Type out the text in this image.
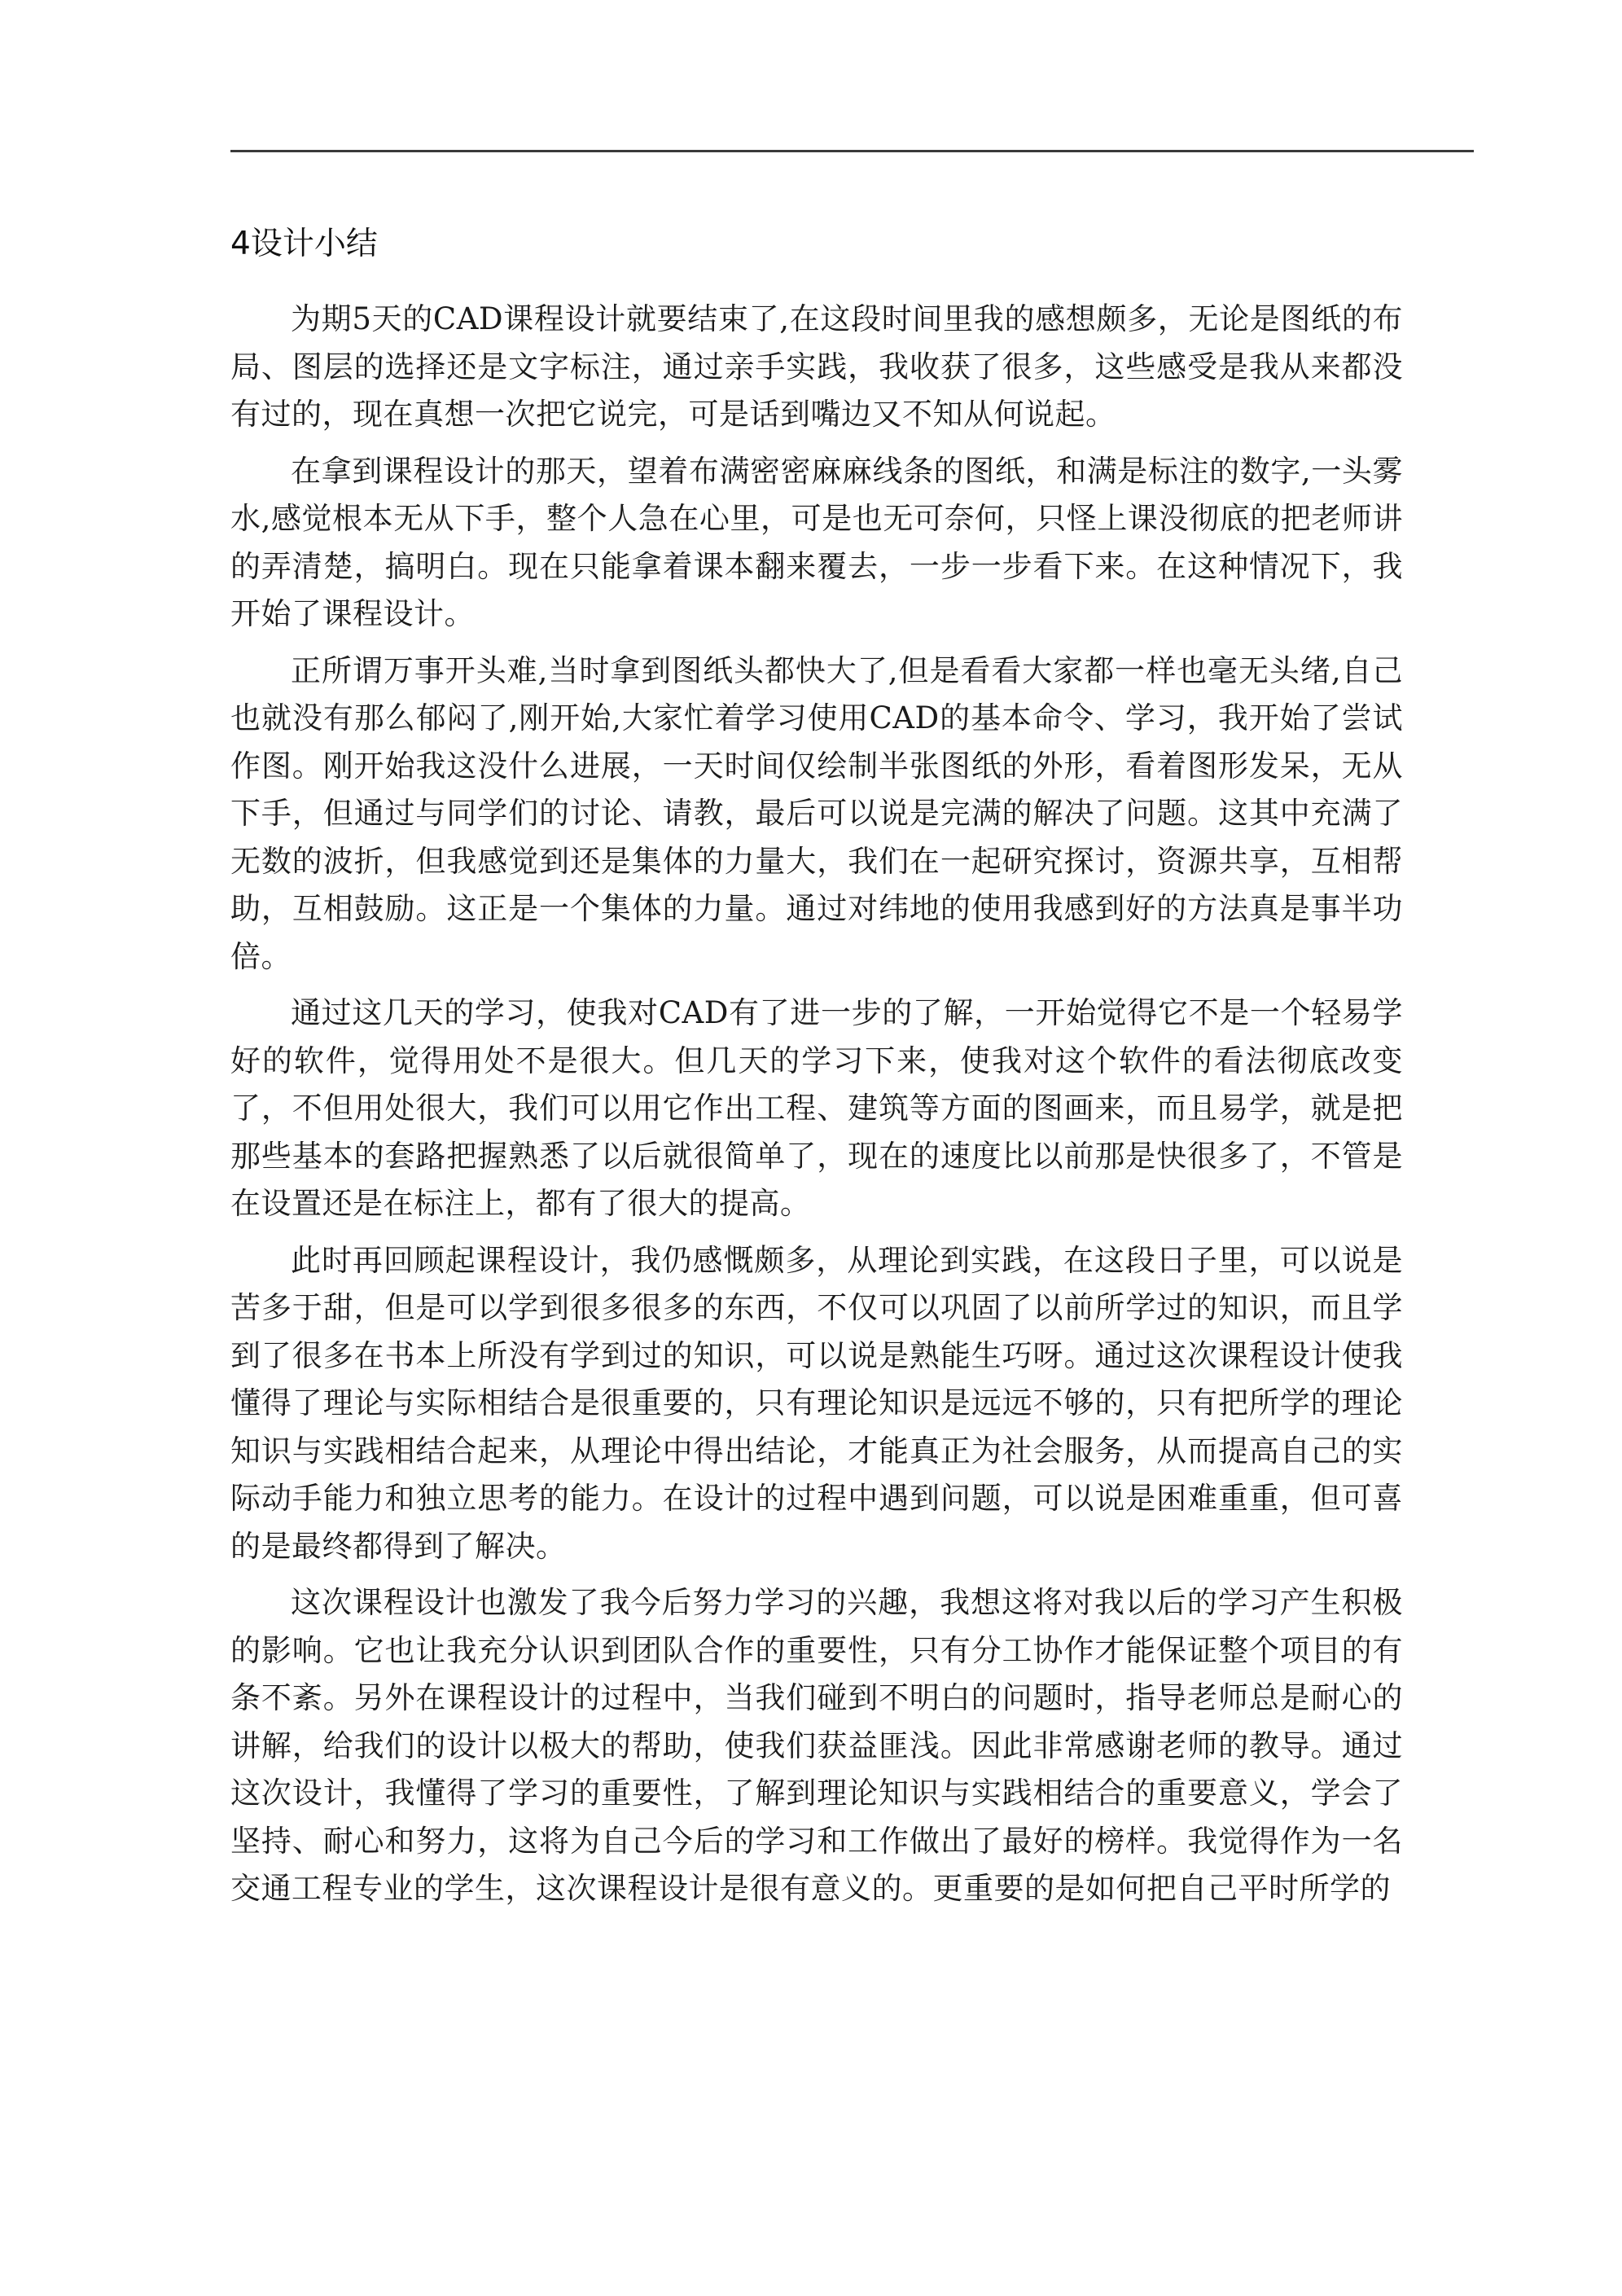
4设计小结

为期5天的CAD课程设计就要结束了,在这段时间里我的感想颇多，无论是图纸的布局、图层的选择还是文字标注，通过亲手实践，我收获了很多，这些感受是我从来都没有过的，现在真想一次把它说完，可是话到嘴边又不知从何说起。

在拿到课程设计的那天，望着布满密密麻麻线条的图纸，和满是标注的数字,一头雾水,感觉根本无从下手，整个人急在心里，可是也无可奈何，只怪上课没彻底的把老师讲的弄清楚，搞明白。现在只能拿着课本翻来覆去，一步一步看下来。在这种情况下，我开始了课程设计。

正所谓万事开头难,当时拿到图纸头都快大了,但是看看大家都一样也毫无头绪,自己也就没有那么郁闷了,刚开始,大家忙着学习使用CAD的基本命令、学习，我开始了尝试作图。刚开始我这没什么进展，一天时间仅绘制半张图纸的外形，看着图形发呆，无从下手，但通过与同学们的讨论、请教，最后可以说是完满的解决了问题。这其中充满了无数的波折，但我感觉到还是集体的力量大，我们在一起研究探讨，资源共享，互相帮助，互相鼓励。这正是一个集体的力量。通过对纬地的使用我感到好的方法真是事半功倍。

通过这几天的学习，使我对CAD有了进一步的了解，一开始觉得它不是一个轻易学好的软件，觉得用处不是很大。但几天的学习下来，使我对这个软件的看法彻底改变了，不但用处很大，我们可以用它作出工程、建筑等方面的图画来，而且易学，就是把那些基本的套路把握熟悉了以后就很简单了，现在的速度比以前那是快很多了，不管是在设置还是在标注上，都有了很大的提高。

此时再回顾起课程设计，我仍感慨颇多，从理论到实践，在这段日子里，可以说是苦多于甜，但是可以学到很多很多的东西，不仅可以巩固了以前所学过的知识，而且学到了很多在书本上所没有学到过的知识，可以说是熟能生巧呀。通过这次课程设计使我懂得了理论与实际相结合是很重要的，只有理论知识是远远不够的，只有把所学的理论知识与实践相结合起来，从理论中得出结论，才能真正为社会服务，从而提高自己的实际动手能力和独立思考的能力。在设计的过程中遇到问题，可以说是困难重重，但可喜的是最终都得到了解决。

这次课程设计也激发了我今后努力学习的兴趣，我想这将对我以后的学习产生积极的影响。它也让我充分认识到团队合作的重要性，只有分工协作才能保证整个项目的有条不紊。另外在课程设计的过程中，当我们碰到不明白的问题时，指导老师总是耐心的讲解，给我们的设计以极大的帮助，使我们获益匪浅。因此非常感谢老师的教导。通过这次设计，我懂得了学习的重要性，了解到理论知识与实践相结合的重要意义，学会了坚持、耐心和努力，这将为自己今后的学习和工作做出了最好的榜样。我觉得作为一名交通工程专业的学生，这次课程设计是很有意义的。更重要的是如何把自己平时所学的
